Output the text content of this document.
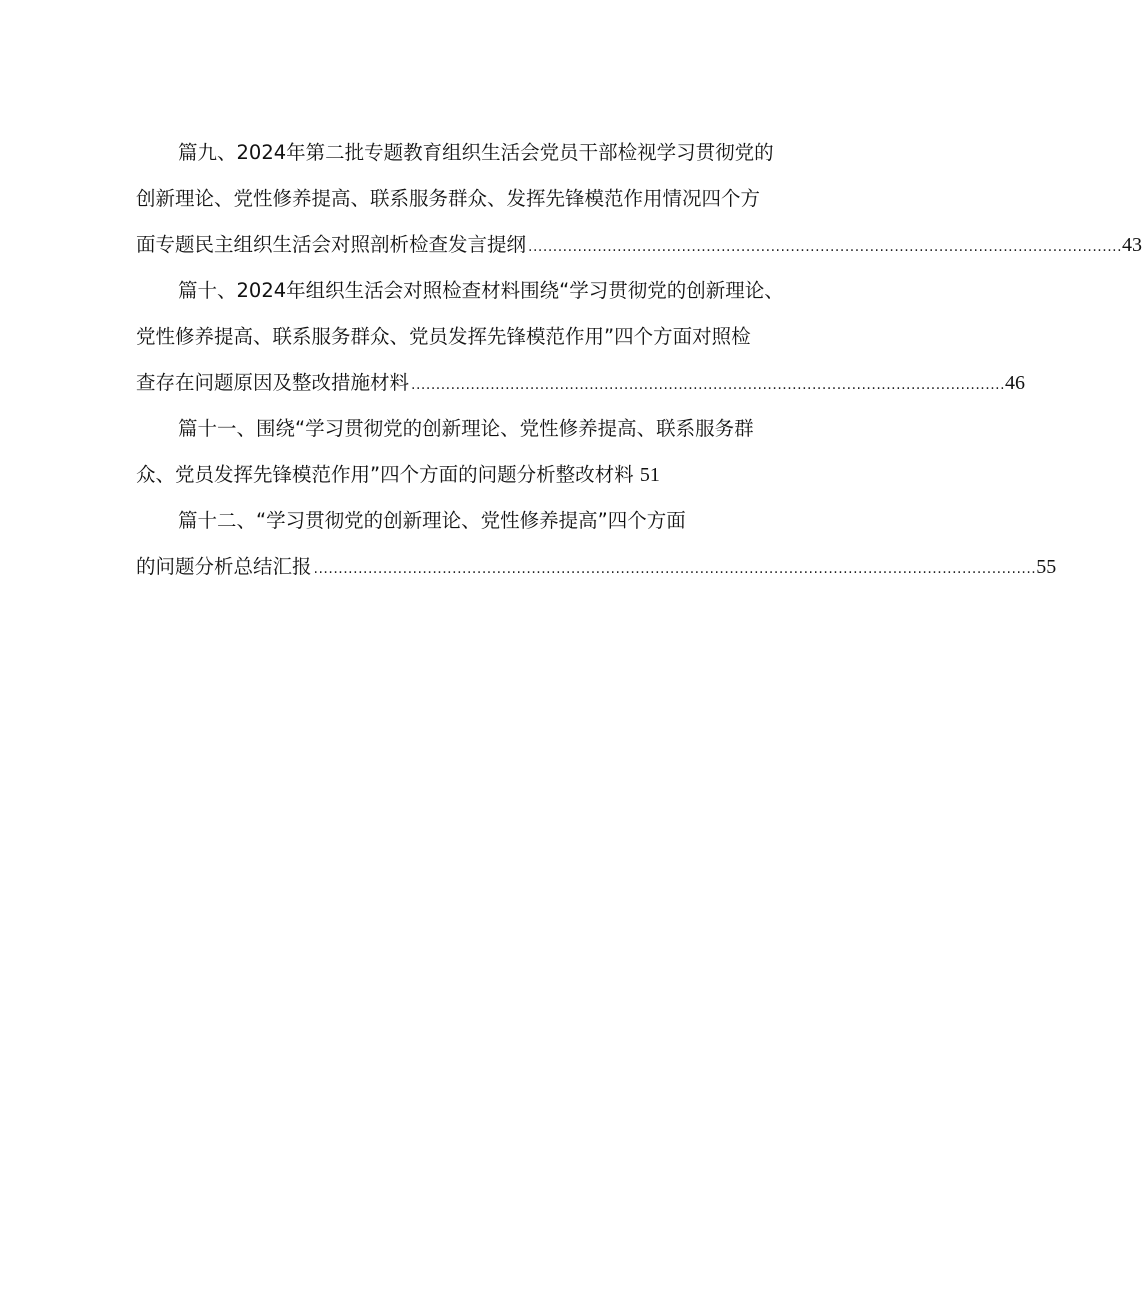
篇九、2024年第二批专题教育组织生活会党员干部检视学习贯彻党的
创新理论、党性修养提高、联系服务群众、发挥先锋模范作用情况四个方
面专题民主组织生活会对照剖析检查发言提纲 ........................................................................................................................ 43
篇十、2024年组织生活会对照检查材料围绕“学习贯彻党的创新理论、
党性修养提高、联系服务群众、党员发挥先锋模范作用”四个方面对照检
查存在问题原因及整改措施材料 ........................................................................................................................ 46
篇十一、围绕“学习贯彻党的创新理论、党性修养提高、联系服务群
众、党员发挥先锋模范作用”四个方面的问题分析整改材料 51
篇十二、“学习贯彻党的创新理论、党性修养提高”四个方面
的问题分析总结汇报 .................................................................................................................................................. 55
